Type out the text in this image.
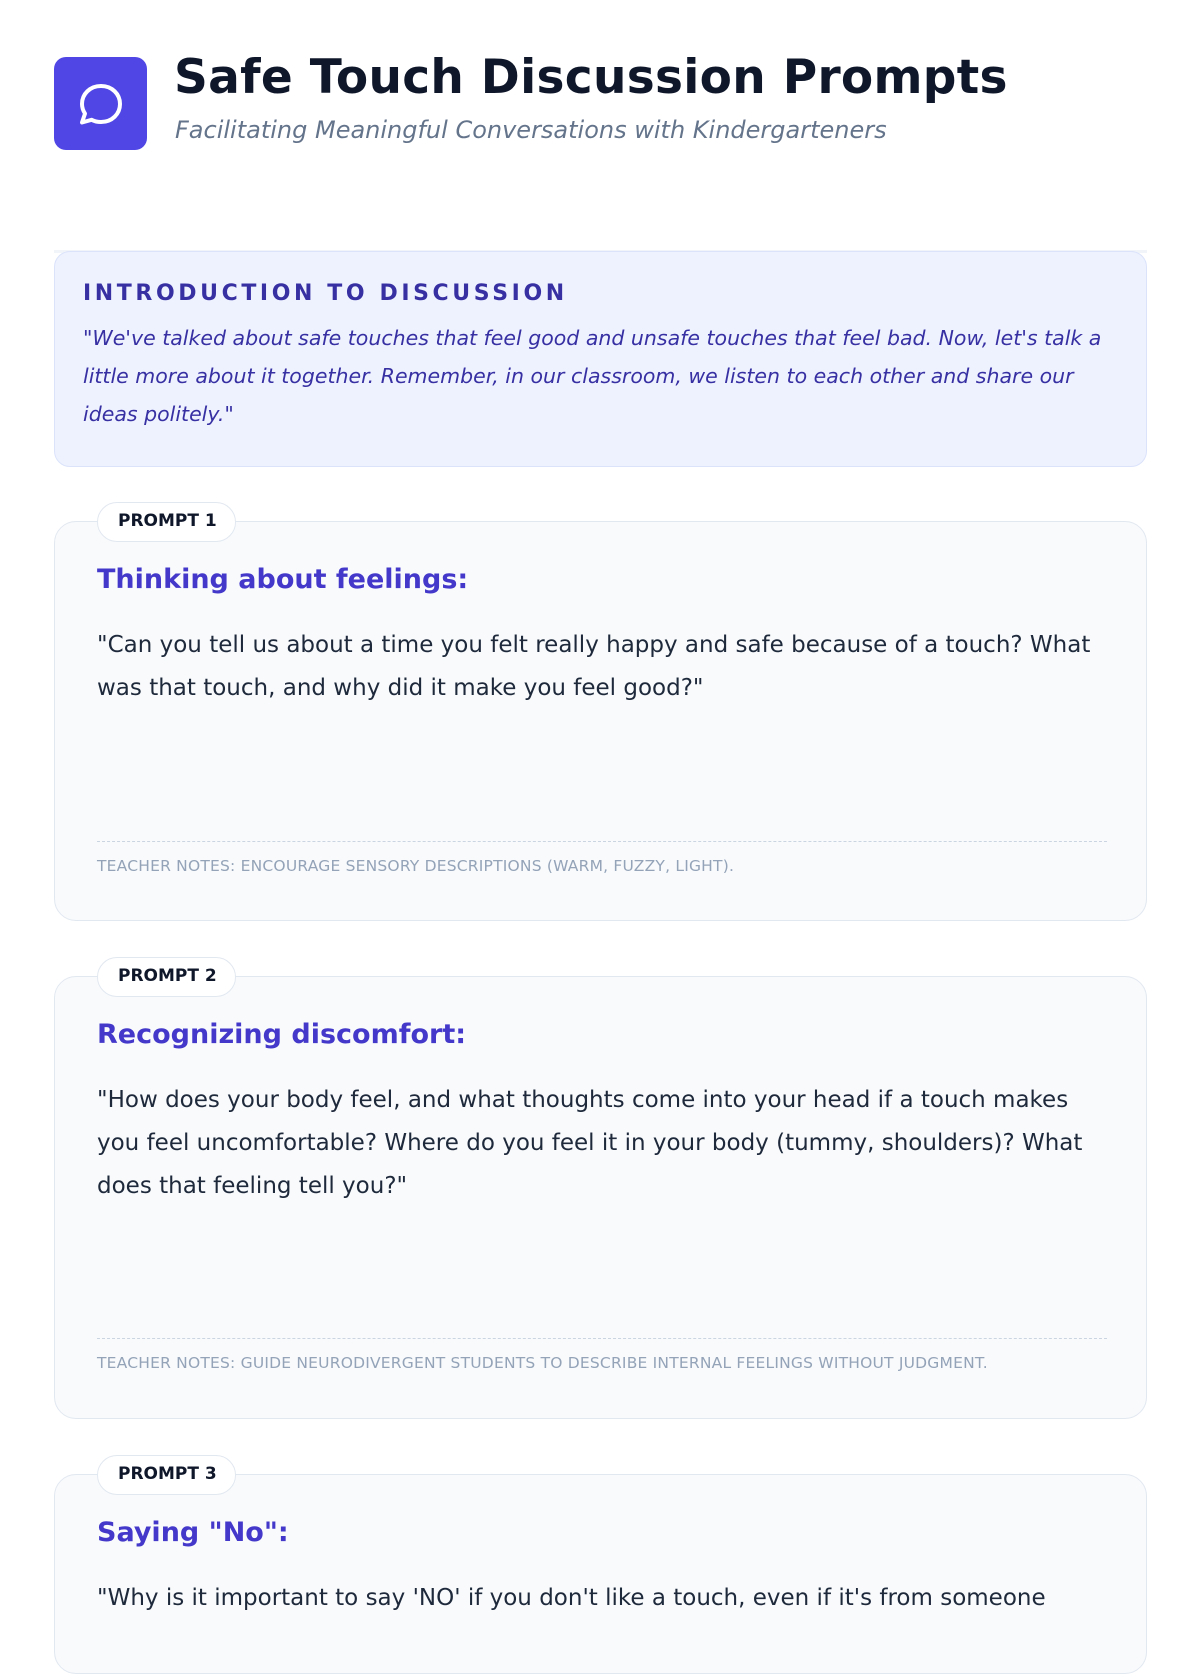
Safe Touch Discussion Prompts

Facilitating Meaningful Conversations with Kindergarteners

INTRODUCTION TO DISCUSSION

"We've talked about safe touches that feel good and unsafe touches that feel bad. Now, let's talk a little more about it together. Remember, in our classroom, we listen to each other and share our ideas politely."

PROMPT 1
Thinking about feelings:

"Can you tell us about a time you felt really happy and safe because of a touch? What was that touch, and why did it make you feel good?"

TEACHER NOTES: ENCOURAGE SENSORY DESCRIPTIONS (WARM, FUZZY, LIGHT).

PROMPT 2
Recognizing discomfort:

"How does your body feel, and what thoughts come into your head if a touch makes you feel uncomfortable? Where do you feel it in your body (tummy, shoulders)? What does that feeling tell you?"

TEACHER NOTES: GUIDE NEURODIVERGENT STUDENTS TO DESCRIBE INTERNAL FEELINGS WITHOUT JUDGMENT.

PROMPT 3
Saying "No":

"Why is it important to say 'NO' if you don't like a touch, even if it's from someone
